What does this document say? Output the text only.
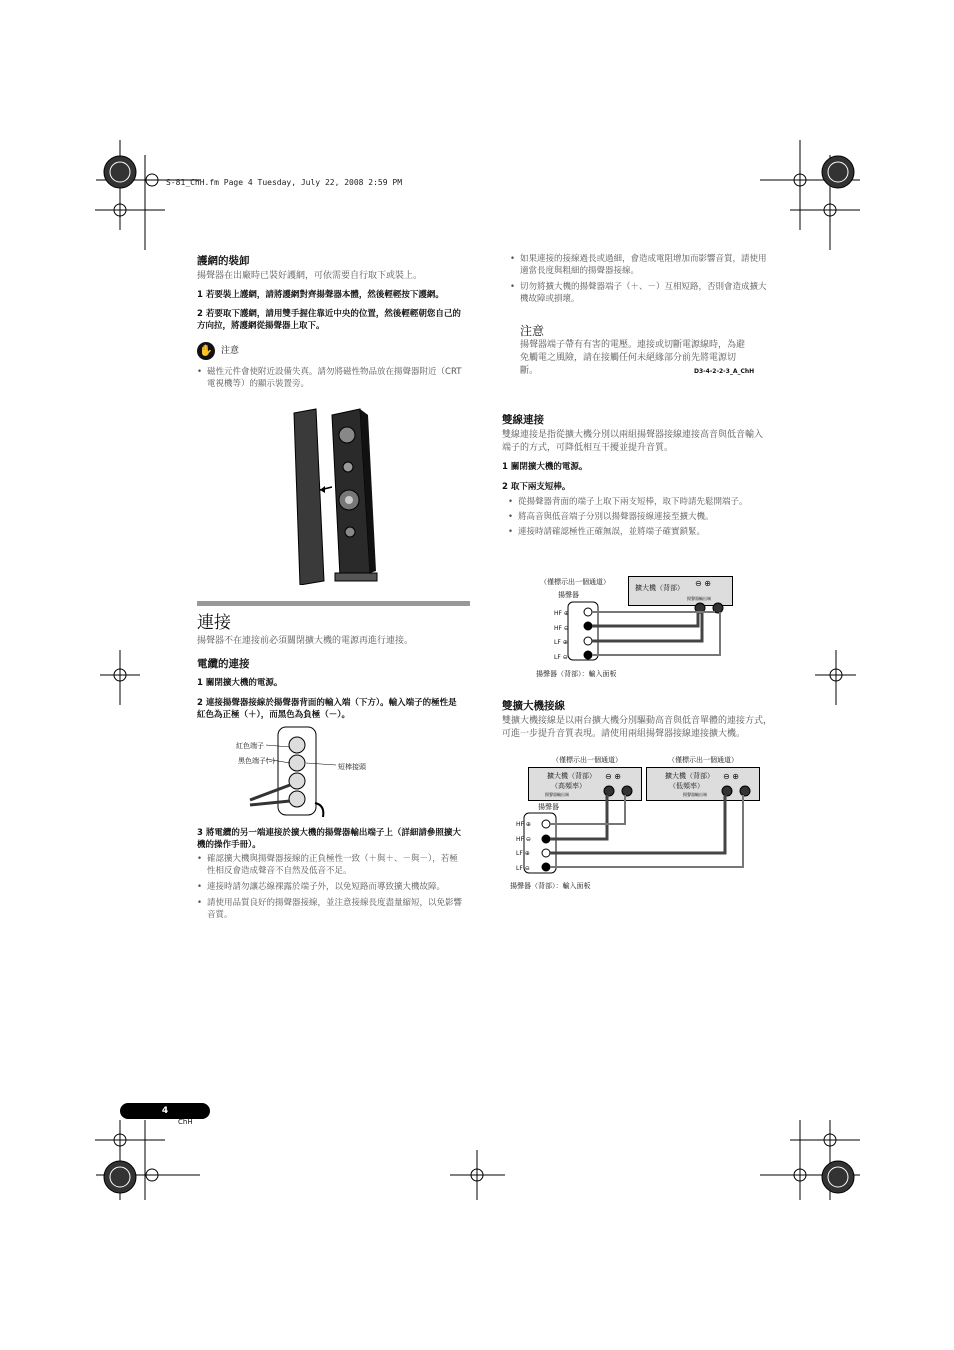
S-81_ChH.fm Page 4 Tuesday, July 22, 2008 2:59 PM
護網的裝卸
揚聲器在出廠時已裝好護網，可依需要自行取下或裝上。
1 若要裝上護網，請將護網對齊揚聲器本體，然後輕輕按下護網。
2 若要取下護網，請用雙手握住靠近中央的位置，然後輕輕朝您自己的方向拉，將護網從揚聲器上取下。
✋ 注意
• 磁性元件會使附近設備失真。請勿將磁性物品放在揚聲器附近（CRT 電視機等）的顯示裝置旁。
連接
揚聲器不在連接前必須關閉擴大機的電源再進行連接。
電纜的連接
1 關閉擴大機的電源。
2 連接揚聲器接線於揚聲器背面的輸入端（下方）。輸入端子的極性是紅色為正極（＋），而黑色為負極（－）。
紅色端子
黑色端子(–)
短棒接頭
3 將電纜的另一端連接於擴大機的揚聲器輸出端子上（詳細請參照擴大機的操作手冊）。
• 確認擴大機與揚聲器接線的正負極性一致（＋與＋、－與－），若極性相反會造成聲音不自然及低音不足。
• 連接時請勿讓芯線裸露於端子外，以免短路而導致擴大機故障。
• 請使用品質良好的揚聲器接線，並注意接線長度盡量縮短，以免影響音質。
• 如果連接的接線過長或過細，會造成電阻增加而影響音質，請使用適當長度與粗細的揚聲器接線。
• 切勿將擴大機的揚聲器端子（＋、－）互相短路，否則會造成擴大機故障或損壞。
注意
揚聲器端子帶有有害的電壓。連接或切斷電源線時，為避
免觸電之風險，請在接觸任何未絕緣部分前先將電源切
斷。	D3-4-2-2-3_A_ChH
雙線連接
雙線連接是指從擴大機分別以兩組揚聲器接線連接高音與低音輸入端子的方式，可降低相互干擾並提升音質。
1 關閉擴大機的電源。
2 取下兩支短棒。
• 從揚聲器背面的端子上取下兩支短棒，取下時請先鬆開端子。
• 將高音與低音端子分別以揚聲器接線連接至擴大機。
• 連接時請確認極性正確無誤，並將端子確實鎖緊。
（僅標示出一個通道）
揚聲器
擴大機（背部） ⊖ ⊕
揚聲器輸出端
HF ⊕
HF ⊖
LF ⊕
LF ⊖
揚聲器（背部）：輸入面板
雙擴大機接線
雙擴大機接線是以兩台擴大機分別驅動高音與低音單體的連接方式，可進一步提升音質表現。請使用兩組揚聲器接線連接擴大機。
（僅標示出一個通道）	（僅標示出一個通道）
擴大機（背部）
（高頻率）
⊖ ⊕
揚聲器輸出端
擴大機（背部）
（低頻率）
⊖ ⊕
揚聲器輸出端
揚聲器
HF ⊕
HF ⊖
LF ⊕
LF ⊖
揚聲器（背部）：輸入面板
4
ChH
